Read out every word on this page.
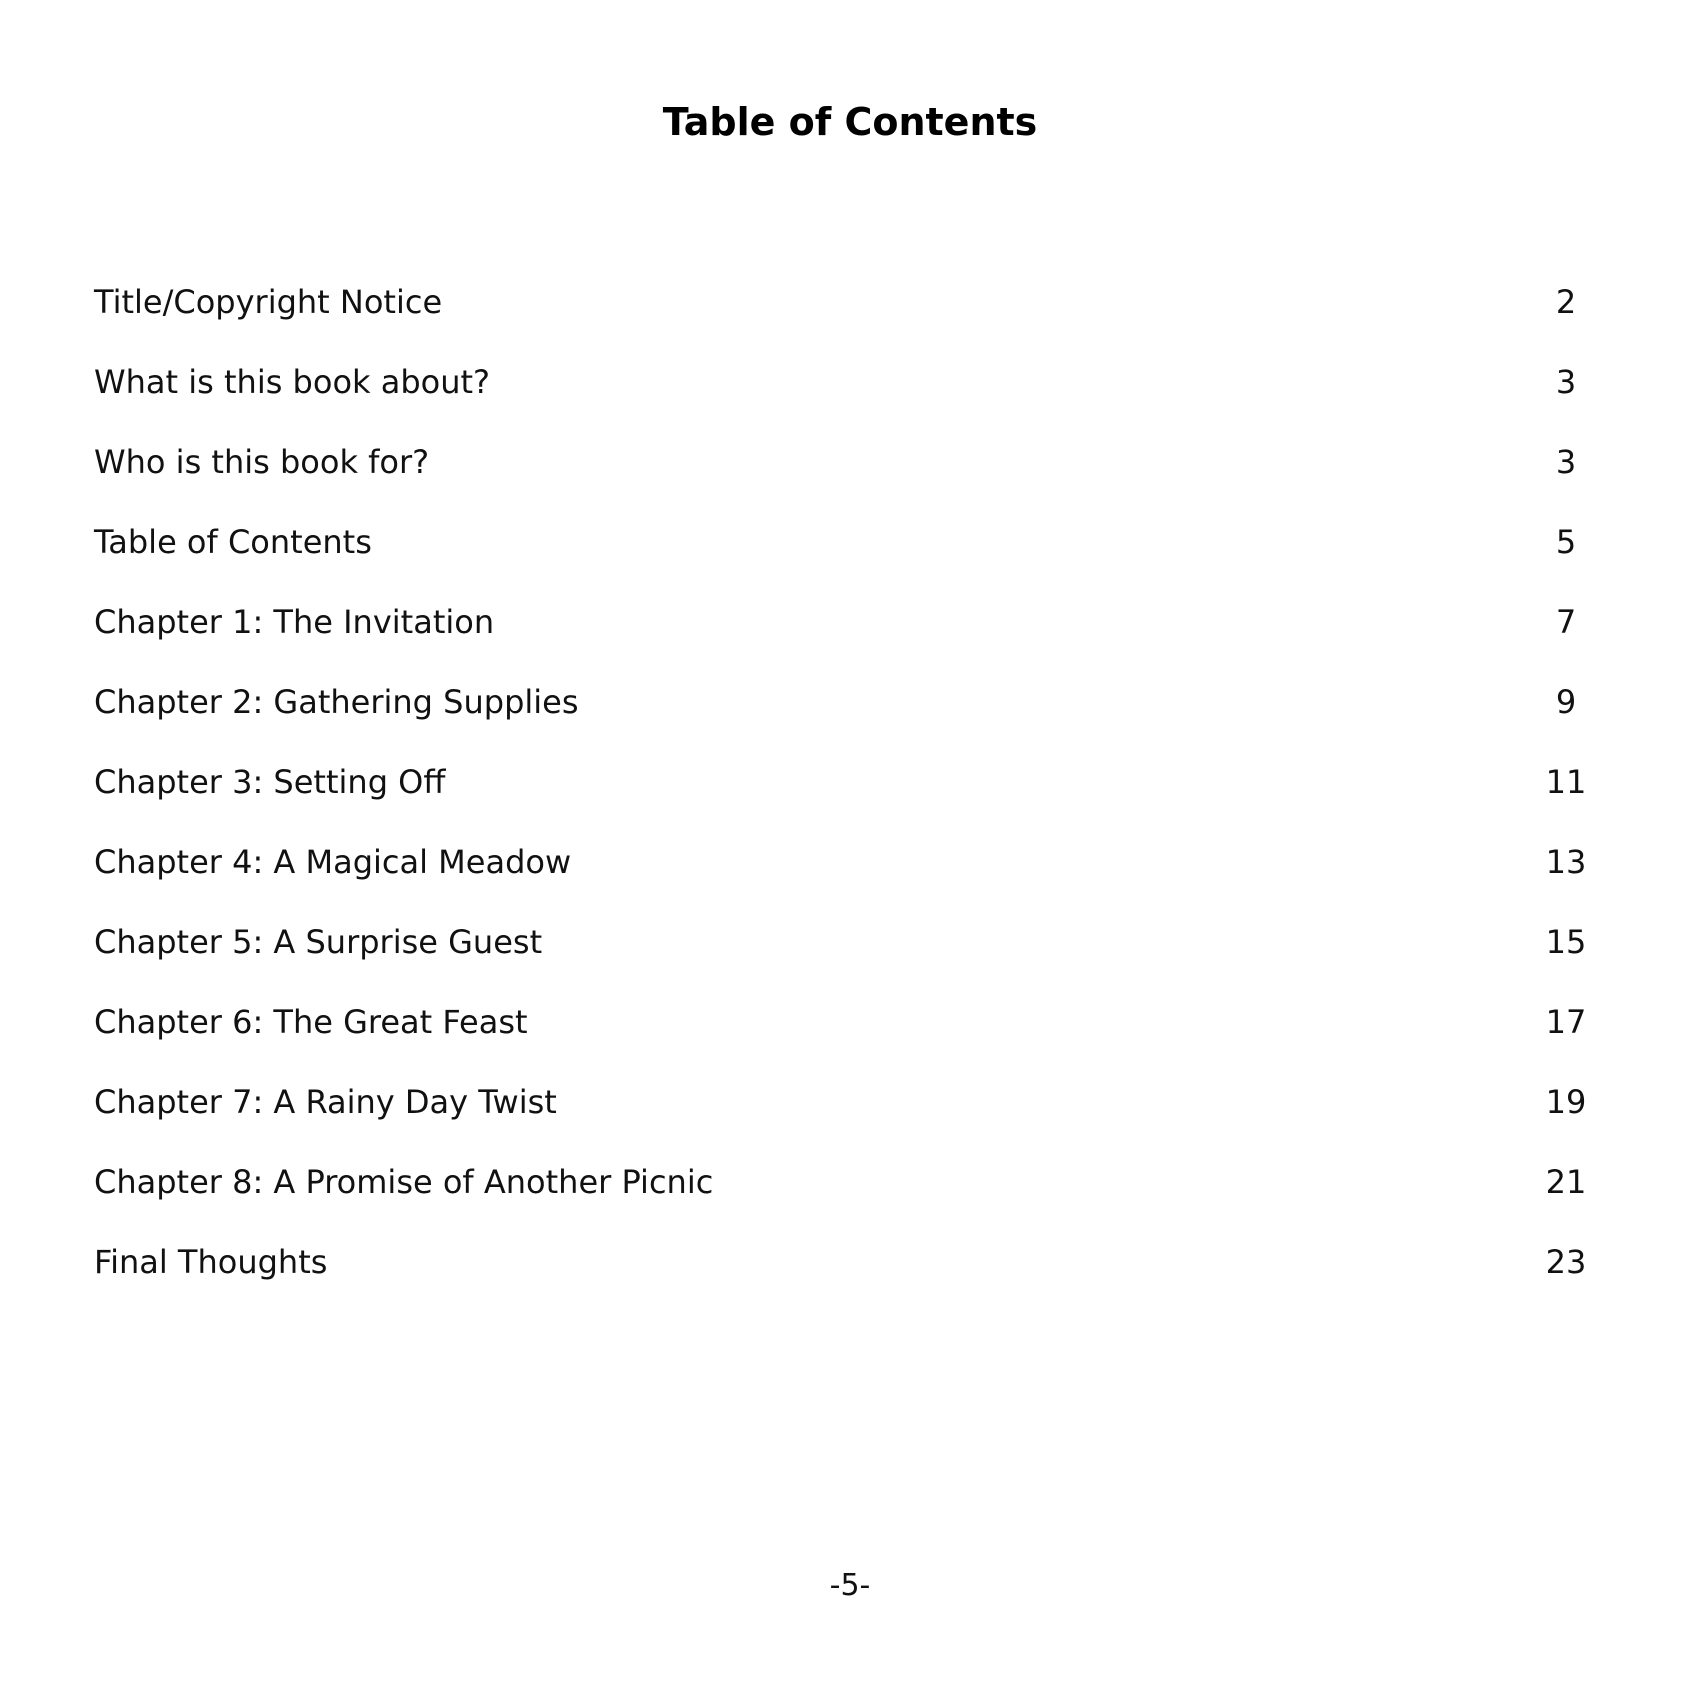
Table of Contents
Title/Copyright Notice	2
What is this book about?	3
Who is this book for?	3
Table of Contents	5
Chapter 1: The Invitation	7
Chapter 2: Gathering Supplies	9
Chapter 3: Setting Off	11
Chapter 4: A Magical Meadow	13
Chapter 5: A Surprise Guest	15
Chapter 6: The Great Feast	17
Chapter 7: A Rainy Day Twist	19
Chapter 8: A Promise of Another Picnic	21
Final Thoughts	23
-5-
